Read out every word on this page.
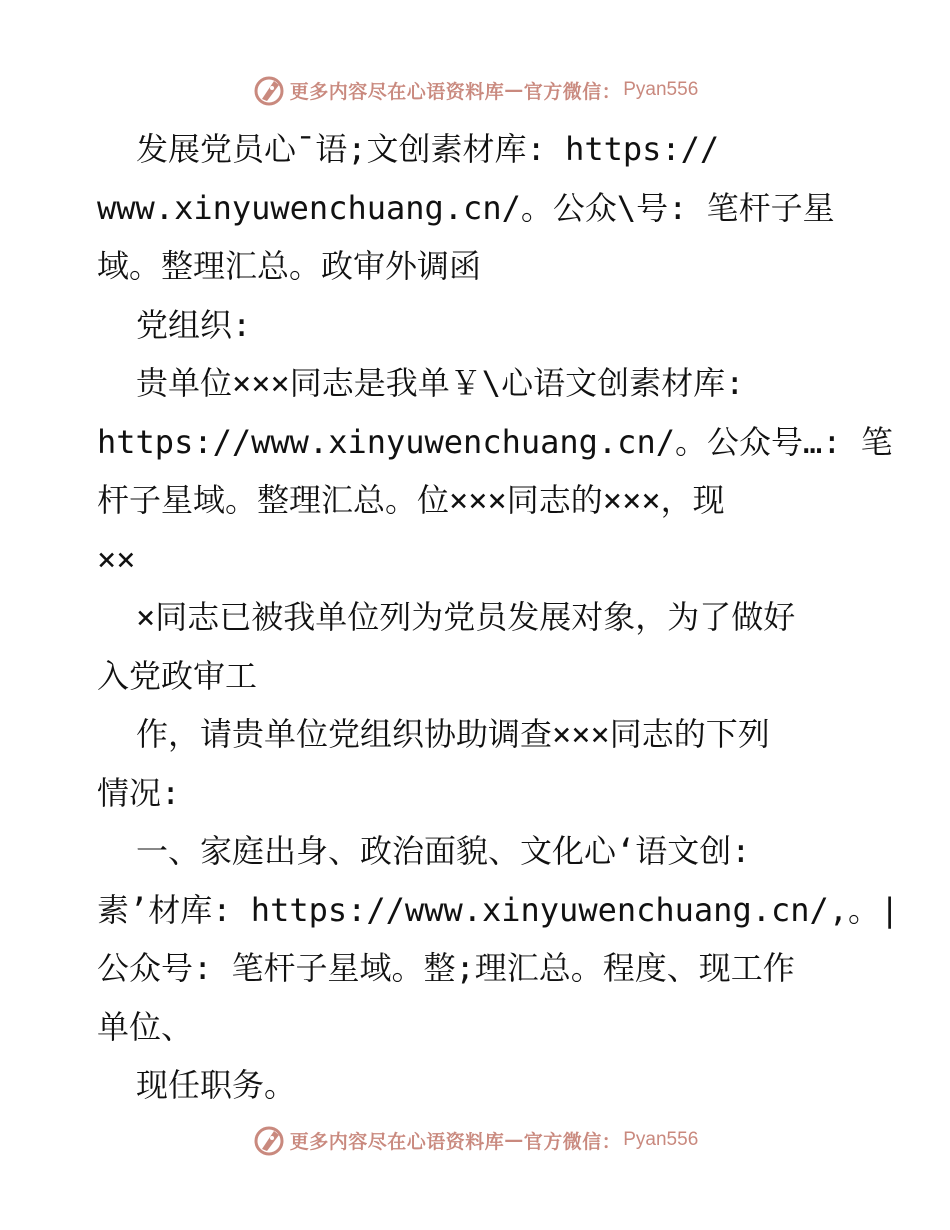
更多内容尽在心语资料库 — 官方微信： Pyan556
发展党员心¯语;文创素材库: https://
www.xinyuwenchuang.cn/。公众\号: 笔杆子星
域。整理汇总。政审外调函
党组织:
贵单位×××同志是我单￥\心语文创素材库:
https://www.xinyuwenchuang.cn/。公众号…: 笔
杆子星域。整理汇总。位×××同志的×××，现
××
×同志已被我单位列为党员发展对象，为了做好
入党政审工
作，请贵单位党组织协助调查×××同志的下列
情况:
一、家庭出身、政治面貌、文化心‘语文创:
素’材库: https://www.xinyuwenchuang.cn/,。|
公众号: 笔杆子星域。整;理汇总。程度、现工作
单位、
现任职务。
更多内容尽在心语资料库 — 官方微信： Pyan556
